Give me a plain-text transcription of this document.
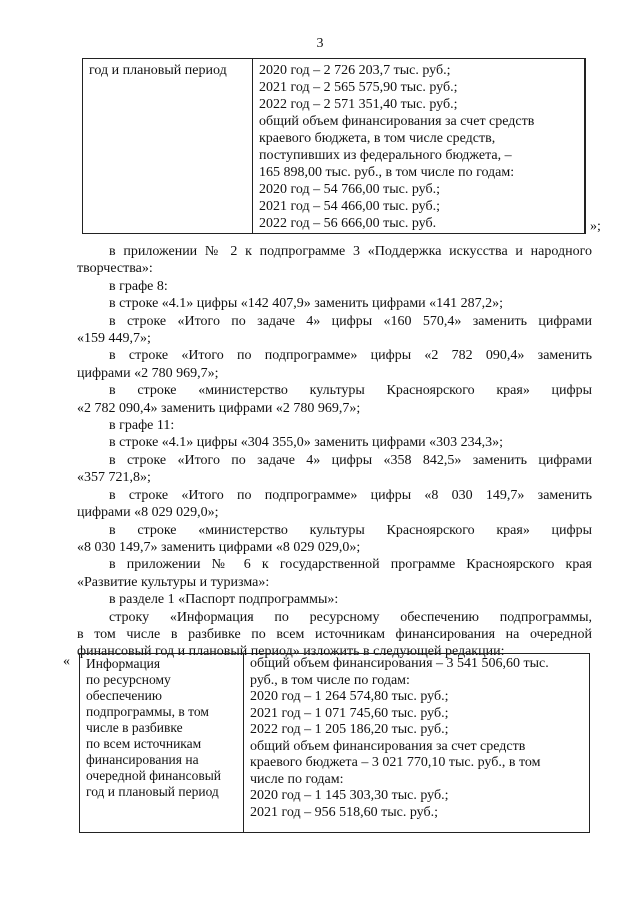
3
год и плановый период	2020 год – 2 726 203,7 тыс. руб.;
2021 год – 2 565 575,90 тыс. руб.;
2022 год – 2 571 351,40 тыс. руб.;
общий объем финансирования за счет средств
краевого бюджета, в том числе средств,
поступивших из федерального бюджета, –
165 898,00 тыс. руб., в том числе по годам:
2020 год – 54 766,00 тыс. руб.;
2021 год – 54 466,00 тыс. руб.;
2022 год – 56 666,00 тыс. руб.	»;

в приложении № 2 к подпрограмме 3 «Поддержка искусства и народного

творчества»:

в графе 8:

в строке «4.1» цифры «142 407,9» заменить цифрами «141 287,2»;

в строке «Итого по задаче 4» цифры «160 570,4» заменить цифрами

«159 449,7»;

в строке «Итого по подпрограмме» цифры «2 782 090,4» заменить

цифрами «2 780 969,7»;

в строке «министерство культуры Красноярского края» цифры

«2 782 090,4» заменить цифрами «2 780 969,7»;

в графе 11:

в строке «4.1» цифры «304 355,0» заменить цифрами «303 234,3»;

в строке «Итого по задаче 4» цифры «358 842,5» заменить цифрами

«357 721,8»;

в строке «Итого по подпрограмме» цифры «8 030 149,7» заменить

цифрами «8 029 029,0»;

в строке «министерство культуры Красноярского края» цифры

«8 030 149,7» заменить цифрами «8 029 029,0»;

в приложении № 6 к государственной программе Красноярского края

«Развитие культуры и туризма»:

в разделе 1 «Паспорт подпрограммы»:

строку «Информация по ресурсному обеспечению подпрограммы,

в том числе в разбивке по всем источникам финансирования на очередной

финансовый год и плановый период» изложить в следующей редакции:

« Информация
по ресурсному
обеспечению
подпрограммы, в том
числе в разбивке
по всем источникам
финансирования на
очередной финансовый
год и плановый период
общий объем финансирования – 3 541 506,60 тыс.
руб., в том числе по годам:
2020 год – 1 264 574,80 тыс. руб.;
2021 год – 1 071 745,60 тыс. руб.;
2022 год – 1 205 186,20 тыс. руб.;
общий объем финансирования за счет средств
краевого бюджета – 3 021 770,10 тыс. руб., в том
числе по годам:
2020 год – 1 145 303,30 тыс. руб.;
2021 год – 956 518,60 тыс. руб.;
